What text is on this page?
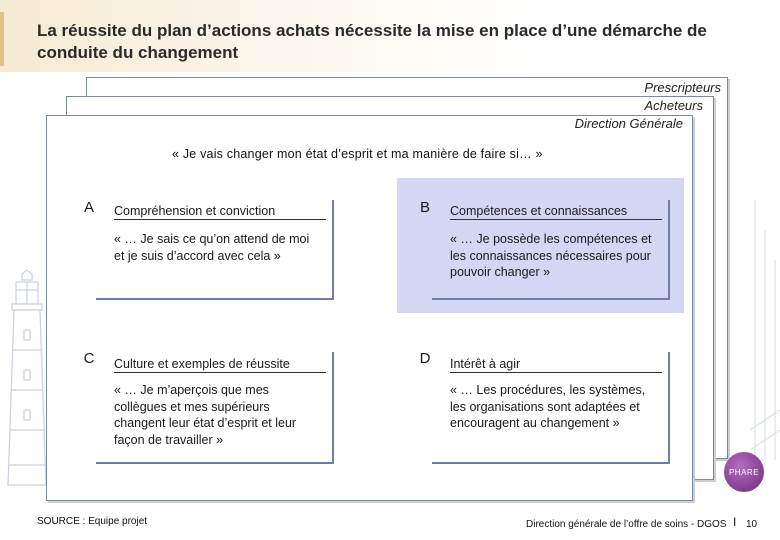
La réussite du plan d’actions achats nécessite la mise en place d’une démarche de conduite du changement
Prescripteurs
Acheteurs
Direction Générale
« Je vais changer mon état d’esprit et ma manière de faire si… »
A	Compréhension et conviction
« … Je sais ce qu’on attend de moi et je suis d’accord avec cela »
B	Compétences et connaissances
« … Je possède les compétences et les connaissances nécessaires pour pouvoir changer »
C	Culture et exemples de réussite
« … Je m’aperçois que mes collègues et mes supérieurs changent leur état d’esprit et leur façon de travailler »
D	Intérêt à agir
« … Les procédures, les systèmes, les organisations sont adaptées et encouragent au changement »
PHARE
SOURCE : Equipe projet	Direction générale de l’offre de soins - DGOS I 10
